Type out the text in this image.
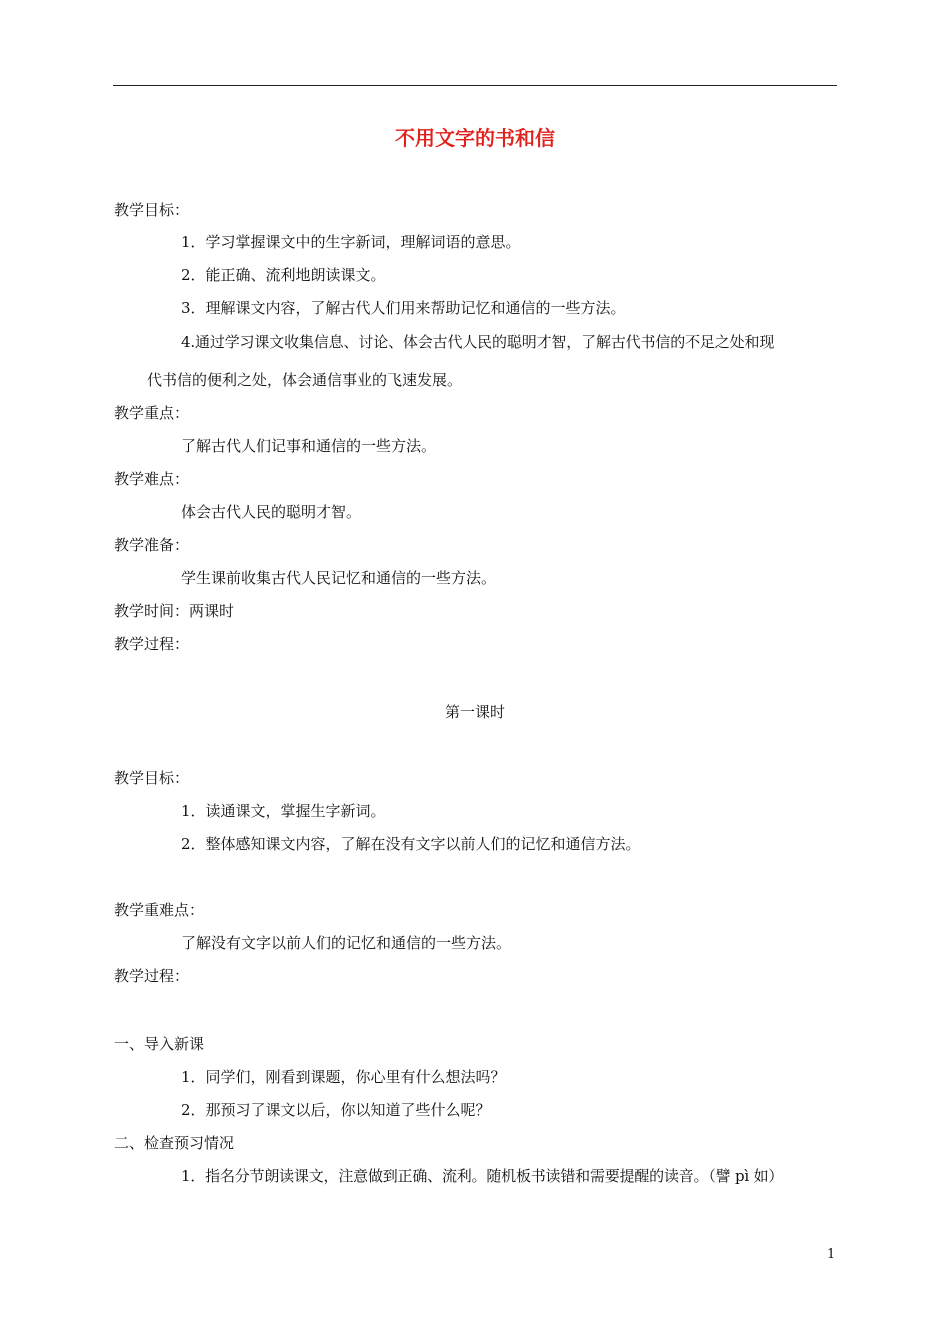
不用文字的书和信
教学目标：
1．学习掌握课文中的生字新词，理解词语的意思。
2．能正确、流利地朗读课文。
3．理解课文内容，了解古代人们用来帮助记忆和通信的一些方法。
4.通过学习课文收集信息、讨论、体会古代人民的聪明才智，了解古代书信的不足之处和现
代书信的便利之处，体会通信事业的飞速发展。
教学重点：
了解古代人们记事和通信的一些方法。
教学难点：
体会古代人民的聪明才智。
教学准备：
学生课前收集古代人民记忆和通信的一些方法。
教学时间：两课时
教学过程：
第一课时
教学目标：
1．读通课文，掌握生字新词。
2．整体感知课文内容，了解在没有文字以前人们的记忆和通信方法。
教学重难点：
了解没有文字以前人们的记忆和通信的一些方法。
教学过程：
一、导入新课
1．同学们，刚看到课题，你心里有什么想法吗？
2．那预习了课文以后，你以知道了些什么呢？
二、检查预习情况
1．指名分节朗读课文，注意做到正确、流利。随机板书读错和需要提醒的读音。（譬 pì 如）
1
